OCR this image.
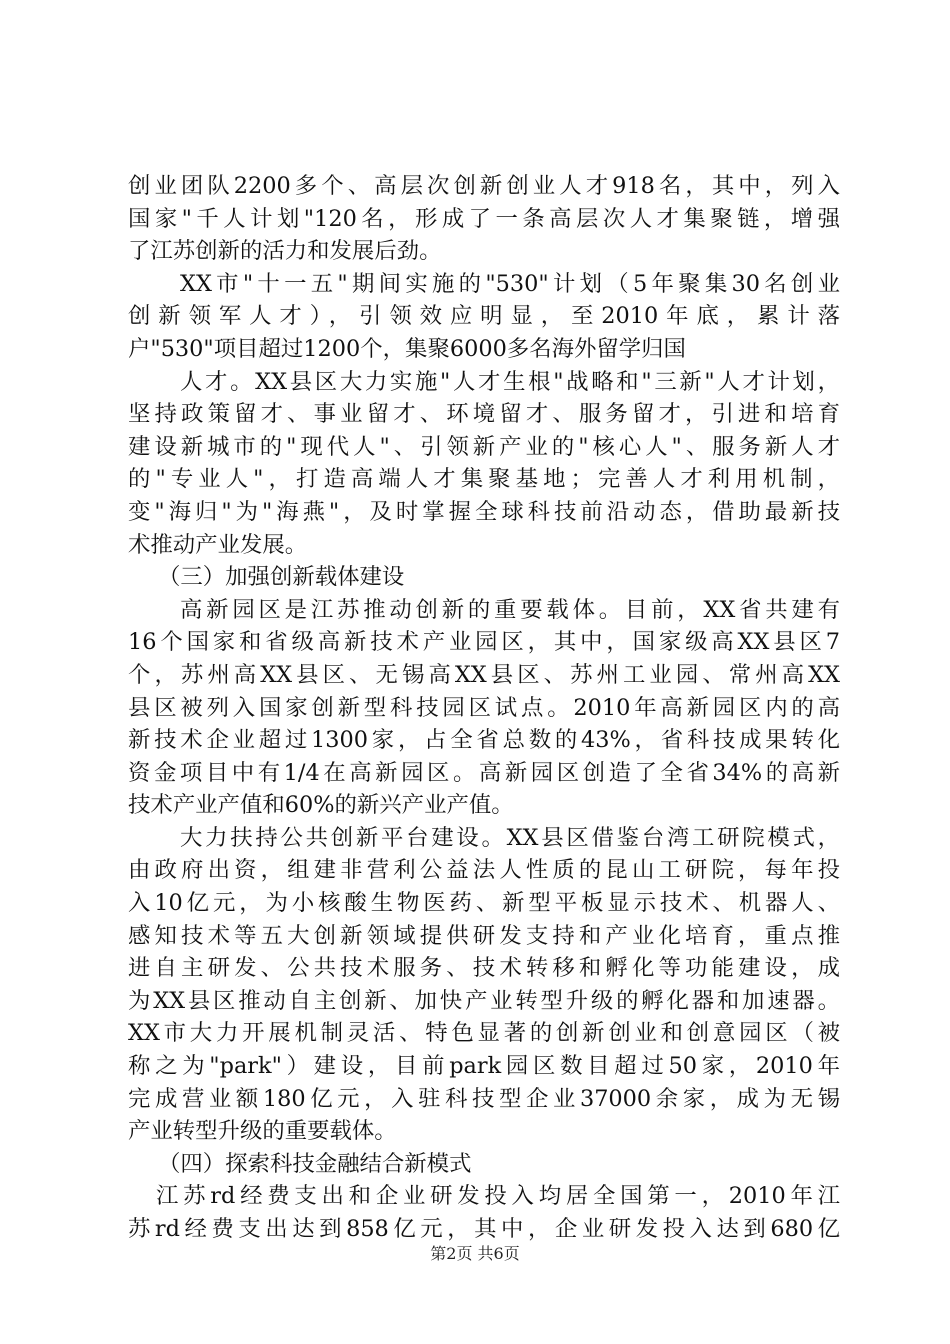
创业团队2200多个、高层次创新创业人才918名，其中，列入
国家"千人计划"120名，形成了一条高层次人才集聚链，增强
了江苏创新的活力和发展后劲。
XX市"十一五"期间实施的"530"计划（5年聚集30名创业
创新领军人才），引领效应明显，至2010年底，累计落
户"530"项目超过1200个，集聚6000多名海外留学归国
人才。XX县区大力实施"人才生根"战略和"三新"人才计划，
坚持政策留才、事业留才、环境留才、服务留才，引进和培育
建设新城市的"现代人"、引领新产业的"核心人"、服务新人才
的"专业人"，打造高端人才集聚基地；完善人才利用机制，
变"海归"为"海燕"，及时掌握全球科技前沿动态，借助最新技
术推动产业发展。
（三）加强创新载体建设
高新园区是江苏推动创新的重要载体。目前，XX省共建有
16个国家和省级高新技术产业园区，其中，国家级高XX县区7
个，苏州高XX县区、无锡高XX县区、苏州工业园、常州高XX
县区被列入国家创新型科技园区试点。2010年高新园区内的高
新技术企业超过1300家，占全省总数的43%，省科技成果转化
资金项目中有1/4在高新园区。高新园区创造了全省34%的高新
技术产业产值和60%的新兴产业产值。
大力扶持公共创新平台建设。XX县区借鉴台湾工研院模式，
由政府出资，组建非营利公益法人性质的昆山工研院，每年投
入10亿元，为小核酸生物医药、新型平板显示技术、机器人、
感知技术等五大创新领域提供研发支持和产业化培育，重点推
进自主研发、公共技术服务、技术转移和孵化等功能建设，成
为XX县区推动自主创新、加快产业转型升级的孵化器和加速器。
XX市大力开展机制灵活、特色显著的创新创业和创意园区（被
称之为"park"）建设，目前park园区数目超过50家，2010年
完成营业额180亿元，入驻科技型企业37000余家，成为无锡
产业转型升级的重要载体。
（四）探索科技金融结合新模式
江苏rd经费支出和企业研发投入均居全国第一，2010年江
苏rd经费支出达到858亿元，其中，企业研发投入达到680亿
第2页 共6页
